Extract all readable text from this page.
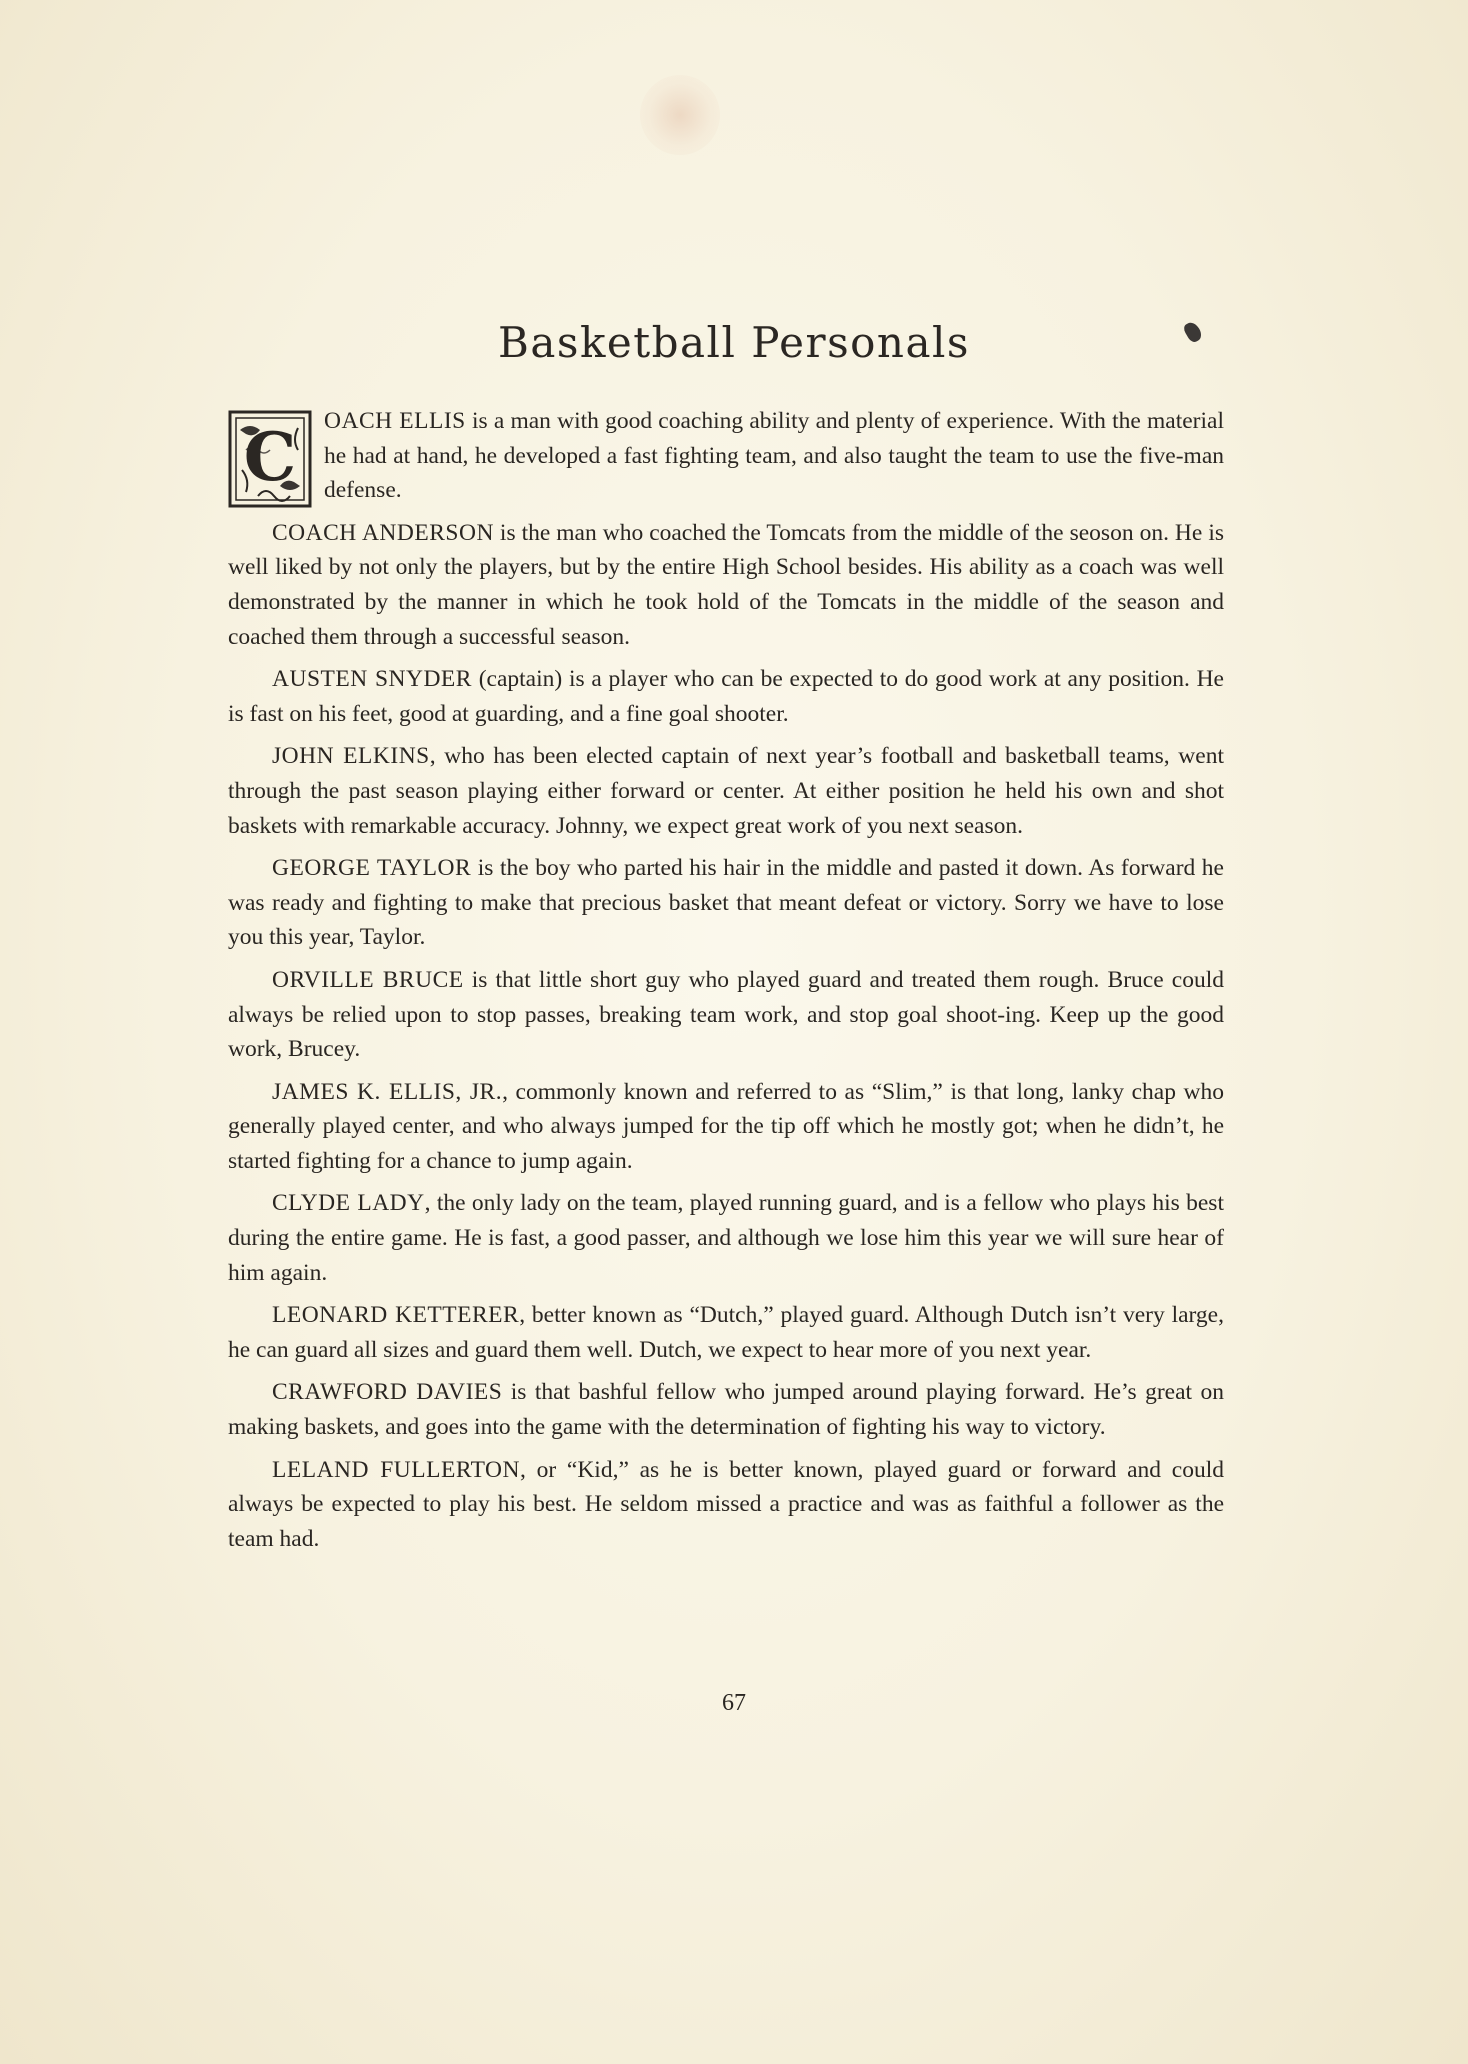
Basketball Personals

C OACH ELLIS is a man with good coaching ability and plenty of experience. With the material he had at hand, he developed a fast fighting team, and also taught the team to use the five-man defense.

COACH ANDERSON is the man who coached the Tomcats from the middle of the seoson on. He is well liked by not only the players, but by the entire High School besides. His ability as a coach was well demonstrated by the manner in which he took hold of the Tomcats in the middle of the season and coached them through a successful season.

AUSTEN SNYDER (captain) is a player who can be expected to do good work at any position. He is fast on his feet, good at guarding, and a fine goal shooter.

JOHN ELKINS, who has been elected captain of next year’s football and basketball teams, went through the past season playing either forward or center. At either position he held his own and shot baskets with remarkable accuracy. Johnny, we expect great work of you next season.

GEORGE TAYLOR is the boy who parted his hair in the middle and pasted it down. As forward he was ready and fighting to make that precious basket that meant defeat or victory. Sorry we have to lose you this year, Taylor.

ORVILLE BRUCE is that little short guy who played guard and treated them rough. Bruce could always be relied upon to stop passes, breaking team work, and stop goal shoot-ing. Keep up the good work, Brucey.

JAMES K. ELLIS, JR., commonly known and referred to as “Slim,” is that long, lanky chap who generally played center, and who always jumped for the tip off which he mostly got; when he didn’t, he started fighting for a chance to jump again.

CLYDE LADY, the only lady on the team, played running guard, and is a fellow who plays his best during the entire game. He is fast, a good passer, and although we lose him this year we will sure hear of him again.

LEONARD KETTERER, better known as “Dutch,” played guard. Although Dutch isn’t very large, he can guard all sizes and guard them well. Dutch, we expect to hear more of you next year.

CRAWFORD DAVIES is that bashful fellow who jumped around playing forward. He’s great on making baskets, and goes into the game with the determination of fighting his way to victory.

LELAND FULLERTON, or “Kid,” as he is better known, played guard or forward and could always be expected to play his best. He seldom missed a practice and was as faithful a follower as the team had.

67
